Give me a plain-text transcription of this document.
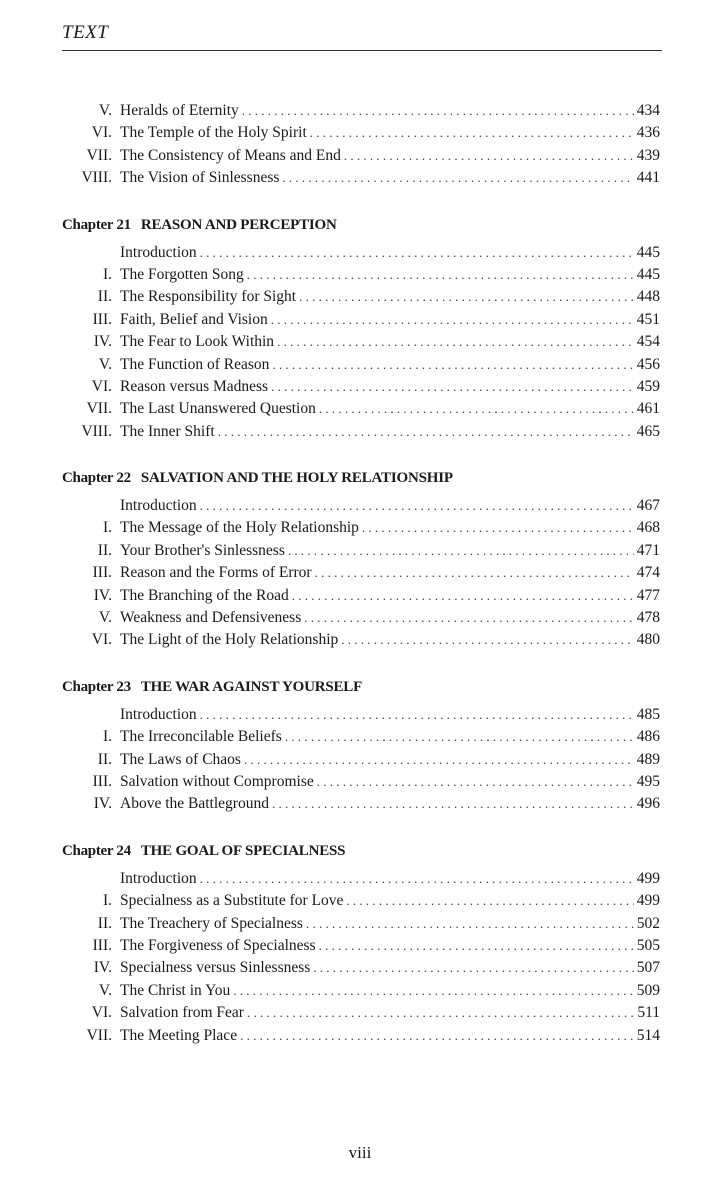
TEXT
V. Heralds of Eternity . . .	434
VI. The Temple of the Holy Spirit . . .	436
VII. The Consistency of Means and End . . .	439
VIII. The Vision of Sinlessness . . .	441
Chapter 21 REASON AND PERCEPTION
Introduction . . .	445
I. The Forgotten Song . . .	445
II. The Responsibility for Sight . . .	448
III. Faith, Belief and Vision . . .	451
IV. The Fear to Look Within . . .	454
V. The Function of Reason . . .	456
VI. Reason versus Madness . . .	459
VII. The Last Unanswered Question . . .	461
VIII. The Inner Shift . . .	465
Chapter 22 SALVATION AND THE HOLY RELATIONSHIP
Introduction . . .	467
I. The Message of the Holy Relationship . . .	468
II. Your Brother's Sinlessness . . .	471
III. Reason and the Forms of Error . . .	474
IV. The Branching of the Road . . .	477
V. Weakness and Defensiveness . . .	478
VI. The Light of the Holy Relationship . . .	480
Chapter 23 THE WAR AGAINST YOURSELF
Introduction . . .	485
I. The Irreconcilable Beliefs . . .	486
II. The Laws of Chaos . . .	489
III. Salvation without Compromise . . .	495
IV. Above the Battleground . . .	496
Chapter 24 THE GOAL OF SPECIALNESS
Introduction . . .	499
I. Specialness as a Substitute for Love . . .	499
II. The Treachery of Specialness . . .	502
III. The Forgiveness of Specialness . . .	505
IV. Specialness versus Sinlessness . . .	507
V. The Christ in You . . .	509
VI. Salvation from Fear . . .	511
VII. The Meeting Place . . .	514
viii
